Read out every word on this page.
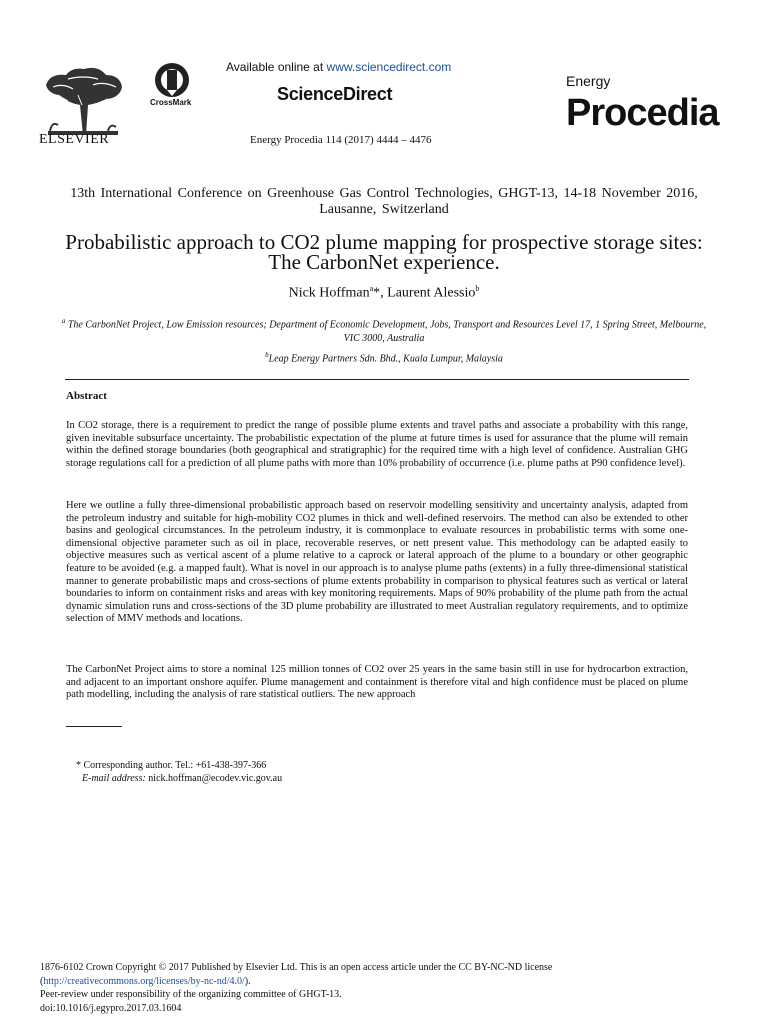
ELSEVIER
CrossMark
Available online at www.sciencedirect.com
ScienceDirect
Energy Procedia 114 (2017) 4444 – 4476
Energy
Procedia
13th International Conference on Greenhouse Gas Control Technologies, GHGT-13, 14-18 November 2016, Lausanne, Switzerland
Probabilistic approach to CO2 plume mapping for prospective storage sites: The CarbonNet experience.
Nick Hoffman$^a$*, Laurent Alessio$^b$
$^a$ The CarbonNet Project, Low Emission resources; Department of Economic Development, Jobs, Transport and Resources Level 17, 1 Spring Street, Melbourne, VIC 3000, Australia
$^b$Leap Energy Partners Sdn. Bhd., Kuala Lumpur, Malaysia
Abstract
In CO2 storage, there is a requirement to predict the range of possible plume extents and travel paths and associate a probability with this range, given inevitable subsurface uncertainty. The probabilistic expectation of the plume at future times is used for assurance that the plume will remain within the defined storage boundaries (both geographical and stratigraphic) for the required time with a high level of confidence. Australian GHG storage regulations call for a prediction of all plume paths with more than 10% probability of occurrence (i.e. plume paths at P90 confidence level).
Here we outline a fully three-dimensional probabilistic approach based on reservoir modelling sensitivity and uncertainty analysis, adapted from the petroleum industry and suitable for high-mobility CO2 plumes in thick and well-defined reservoirs. The method can also be extended to other basins and geological circumstances. In the petroleum industry, it is commonplace to evaluate resources in probabilistic terms with some one-dimensional objective parameter such as oil in place, recoverable reserves, or nett present value. This methodology can be adapted easily to objective measures such as vertical ascent of a plume relative to a caprock or lateral approach of the plume to a boundary or other geographic feature to be avoided (e.g. a mapped fault). What is novel in our approach is to analyse plume paths (extents) in a fully three-dimensional statistical manner to generate probabilistic maps and cross-sections of plume extents probability in comparison to physical features such as vertical or lateral boundaries to inform on containment risks and areas with key monitoring requirements. Maps of 90% probability of the plume path from the actual dynamic simulation runs and cross-sections of the 3D plume probability are illustrated to meet Australian regulatory requirements, and to optimize selection of MMV methods and locations.
The CarbonNet Project aims to store a nominal 125 million tonnes of CO2 over 25 years in the same basin still in use for hydrocarbon extraction, and adjacent to an important onshore aquifer. Plume management and containment is therefore vital and high confidence must be placed on plume path modelling, including the analysis of rare statistical outliers. The new approach
* Corresponding author. Tel.: +61-438-397-366
E-mail address: nick.hoffman@ecodev.vic.gov.au
1876-6102 Crown Copyright © 2017 Published by Elsevier Ltd. This is an open access article under the CC BY-NC-ND license
(http://creativecommons.org/licenses/by-nc-nd/4.0/).
Peer-review under responsibility of the organizing committee of GHGT-13.
doi:10.1016/j.egypro.2017.03.1604
